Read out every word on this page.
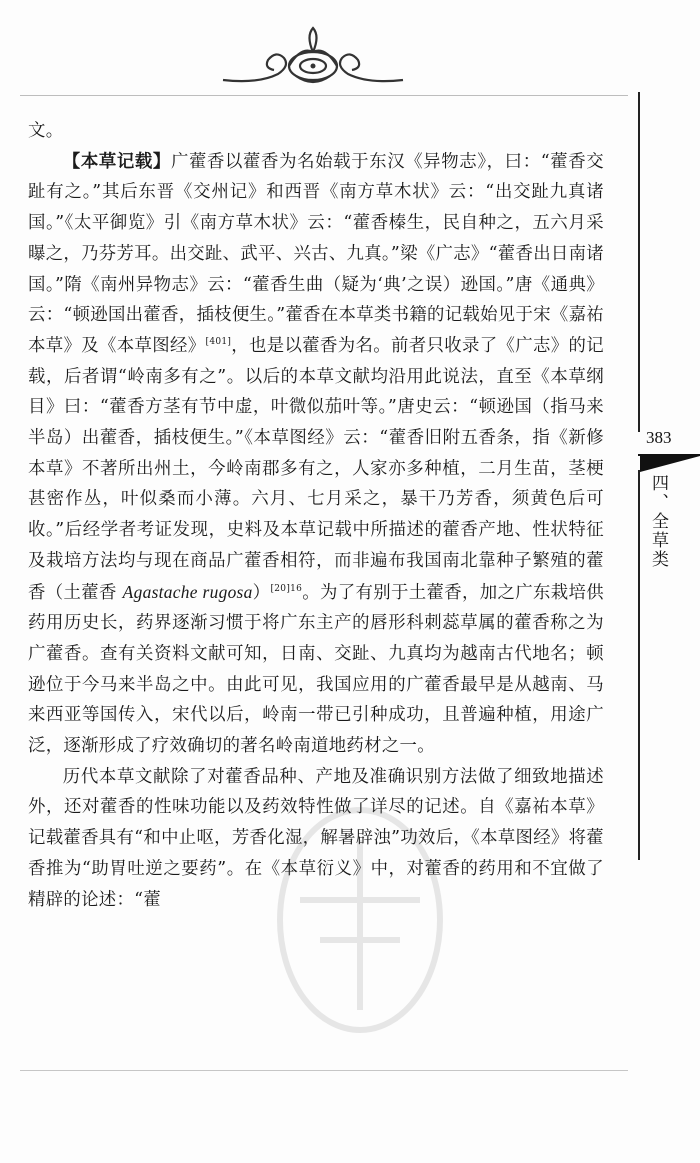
383
四、全草类

文。

【本草记载】广藿香以藿香为名始载于东汉《异物志》，曰：“藿香交趾有之。”其后东晋《交州记》和西晋《南方草木状》云：“出交趾九真诸国。”《太平御览》引《南方草木状》云：“藿香榛生，民自种之，五六月采曝之，乃芬芳耳。出交趾、武平、兴古、九真。”梁《广志》“藿香出日南诸国。”隋《南州异物志》云：“藿香生曲（疑为‘典’之误）逊国。”唐《通典》云：“顿逊国出藿香，插枝便生。”藿香在本草类书籍的记载始见于宋《嘉祐本草》及《本草图经》[401]，也是以藿香为名。前者只收录了《广志》的记载，后者谓“岭南多有之”。以后的本草文献均沿用此说法，直至《本草纲目》曰：“藿香方茎有节中虚，叶微似茄叶等。”唐史云：“顿逊国（指马来半岛）出藿香，插枝便生。”《本草图经》云：“藿香旧附五香条，指《新修本草》不著所出州土，今岭南郡多有之，人家亦多种植，二月生苗，茎梗甚密作丛，叶似桑而小薄。六月、七月采之，暴干乃芳香，须黄色后可收。”后经学者考证发现，史料及本草记载中所描述的藿香产地、性状特征及栽培方法均与现在商品广藿香相符，而非遍布我国南北靠种子繁殖的藿香（土藿香 Agastache rugosa）$^{[20]16}$。为了有别于土藿香，加之广东栽培供药用历史长，药界逐渐习惯于将广东主产的唇形科刺蕊草属的藿香称之为广藿香。查有关资料文献可知，日南、交趾、九真均为越南古代地名；顿逊位于今马来半岛之中。由此可见，我国应用的广藿香最早是从越南、马来西亚等国传入，宋代以后，岭南一带已引种成功，且普遍种植，用途广泛，逐渐形成了疗效确切的著名岭南道地药材之一。

历代本草文献除了对藿香品种、产地及准确识别方法做了细致地描述外，还对藿香的性味功能以及药效特性做了详尽的记述。自《嘉祐本草》记载藿香具有“和中止呕，芳香化湿，解暑辟浊”功效后，《本草图经》将藿香推为“助胃吐逆之要药”。在《本草衍义》中，对藿香的药用和不宜做了精辟的论述：“藿
